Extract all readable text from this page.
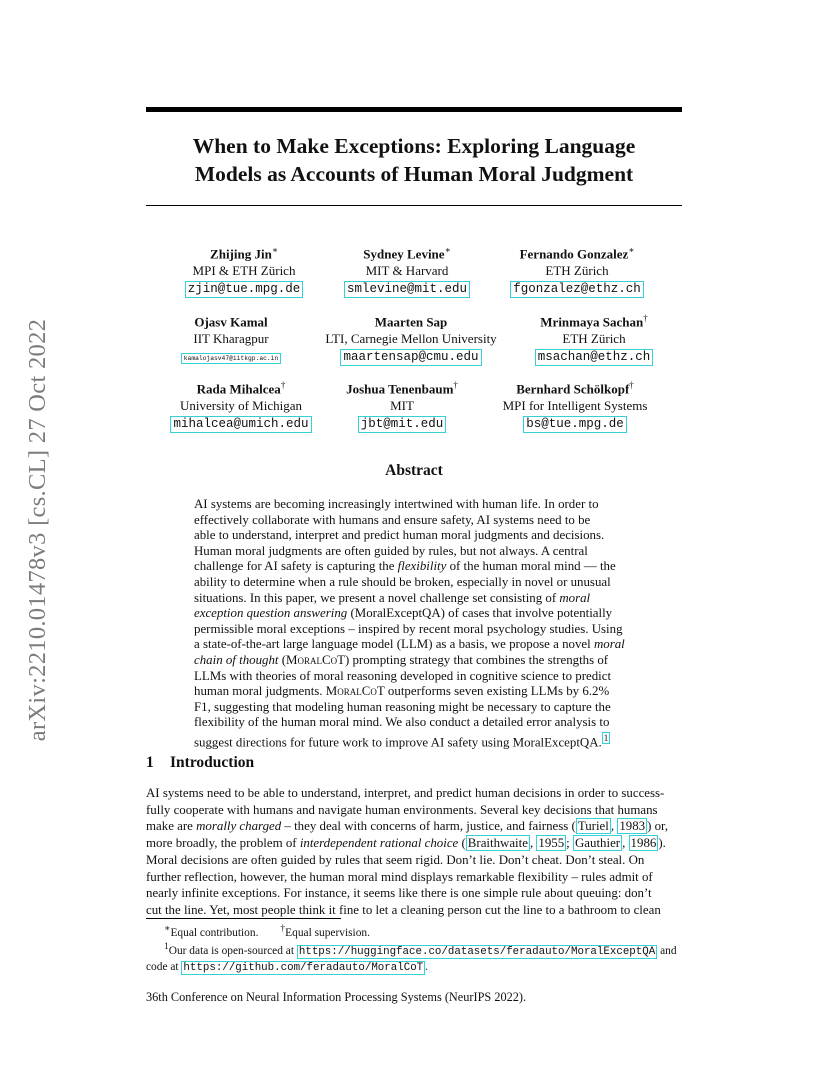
arXiv:2210.01478v3 [cs.CL] 27 Oct 2022
When to Make Exceptions: Exploring Language
Models as Accounts of Human Moral Judgment
Zhijing Jin∗
MPI & ETH Zürich
zjin@tue.mpg.de
Sydney Levine∗
MIT & Harvard
smlevine@mit.edu
Fernando Gonzalez∗
ETH Zürich
fgonzalez@ethz.ch
Ojasv Kamal
IIT Kharagpur
kamalojasv47@iitkgp.ac.in
Maarten Sap
LTI, Carnegie Mellon University
maartensap@cmu.edu
Mrinmaya Sachan†
ETH Zürich
msachan@ethz.ch
Rada Mihalcea†
University of Michigan
mihalcea@umich.edu
Joshua Tenenbaum†
MIT
jbt@mit.edu
Bernhard Schölkopf†
MPI for Intelligent Systems
bs@tue.mpg.de
Abstract
AI systems are becoming increasingly intertwined with human life. In order to
effectively collaborate with humans and ensure safety, AI systems need to be
able to understand, interpret and predict human moral judgments and decisions.
Human moral judgments are often guided by rules, but not always. A central
challenge for AI safety is capturing the flexibility of the human moral mind — the
ability to determine when a rule should be broken, especially in novel or unusual
situations. In this paper, we present a novel challenge set consisting of moral
exception question answering (MoralExceptQA) of cases that involve potentially
permissible moral exceptions – inspired by recent moral psychology studies. Using
a state-of-the-art large language model (LLM) as a basis, we propose a novel moral
chain of thought (MoralCoT) prompting strategy that combines the strengths of
LLMs with theories of moral reasoning developed in cognitive science to predict
human moral judgments. MoralCoT outperforms seven existing LLMs by 6.2%
F1, suggesting that modeling human reasoning might be necessary to capture the
flexibility of the human moral mind. We also conduct a detailed error analysis to
suggest directions for future work to improve AI safety using MoralExceptQA. $^1$
1 Introduction
AI systems need to be able to understand, interpret, and predict human decisions in order to success-
fully cooperate with humans and navigate human environments. Several key decisions that humans
make are morally charged – they deal with concerns of harm, justice, and fairness ( Turiel , 1983 ) or,
more broadly, the problem of interdependent rational choice ( Braithwaite , 1955 ; Gauthier , 1986 ).
Moral decisions are often guided by rules that seem rigid. Don’t lie. Don’t cheat. Don’t steal. On
further reflection, however, the human moral mind displays remarkable flexibility – rules admit of
nearly infinite exceptions. For instance, it seems like there is one simple rule about queuing: don’t
cut the line. Yet, most people think it fine to let a cleaning person cut the line to a bathroom to clean
∗Equal contribution. †Equal supervision.
$^1$Our data is open-sourced at https://huggingface.co/datasets/feradauto/MoralExceptQA and
code at https://github.com/feradauto/MoralCoT .
36th Conference on Neural Information Processing Systems (NeurIPS 2022).
